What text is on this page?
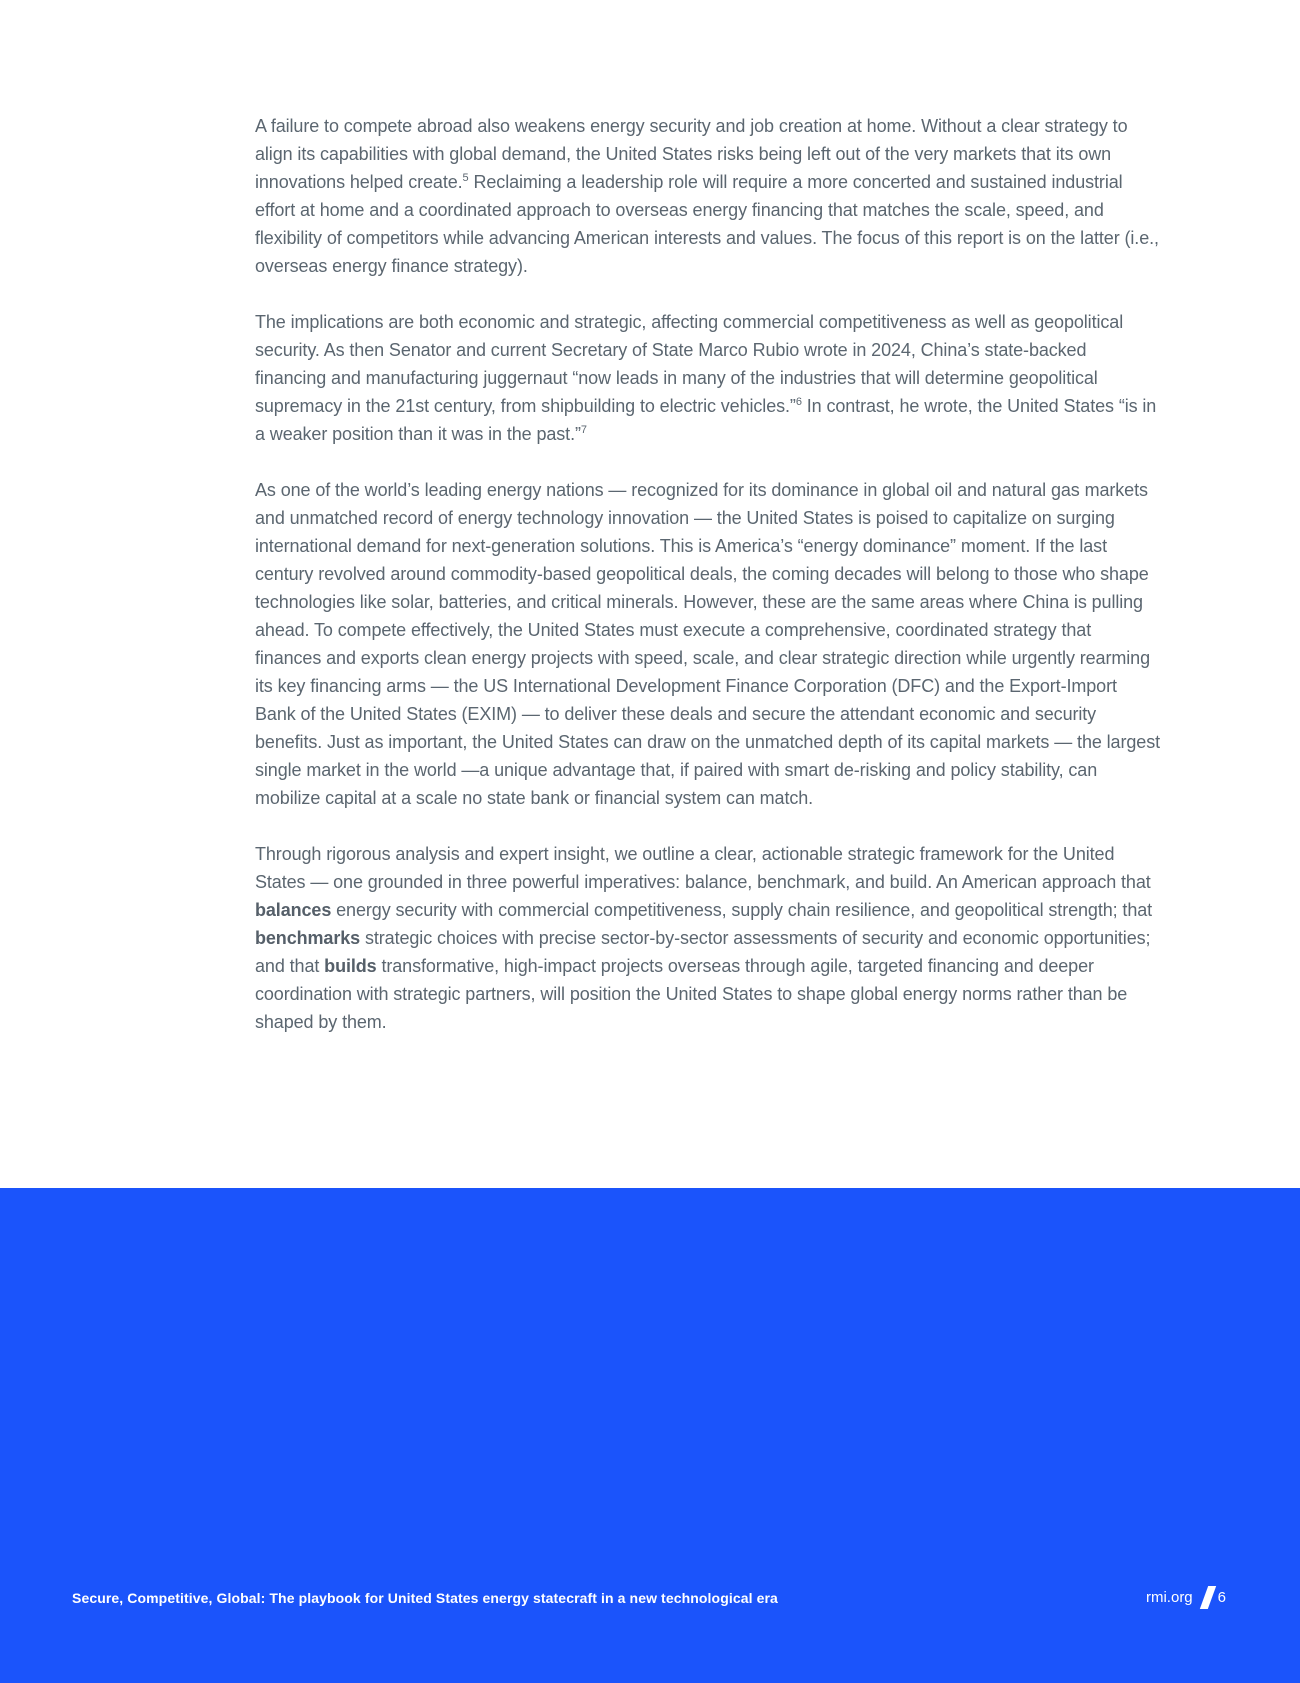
A failure to compete abroad also weakens energy security and job creation at home. Without a clear strategy to align its capabilities with global demand, the United States risks being left out of the very markets that its own innovations helped create.$^5$ Reclaiming a leadership role will require a more concerted and sustained industrial effort at home and a coordinated approach to overseas energy financing that matches the scale, speed, and flexibility of competitors while advancing American interests and values. The focus of this report is on the latter (i.e., overseas energy finance strategy).

The implications are both economic and strategic, affecting commercial competitiveness as well as geopolitical security. As then Senator and current Secretary of State Marco Rubio wrote in 2024, China’s state-backed financing and manufacturing juggernaut “now leads in many of the industries that will determine geopolitical supremacy in the 21st century, from shipbuilding to electric vehicles.”$^6$ In contrast, he wrote, the United States “is in a weaker position than it was in the past.”$^7$

As one of the world’s leading energy nations — recognized for its dominance in global oil and natural gas markets and unmatched record of energy technology innovation — the United States is poised to capitalize on surging international demand for next-generation solutions. This is America’s “energy dominance” moment. If the last century revolved around commodity-based geopolitical deals, the coming decades will belong to those who shape technologies like solar, batteries, and critical minerals. However, these are the same areas where China is pulling ahead. To compete effectively, the United States must execute a comprehensive, coordinated strategy that finances and exports clean energy projects with speed, scale, and clear strategic direction while urgently rearming its key financing arms — the US International Development Finance Corporation (DFC) and the Export-Import Bank of the United States (EXIM) — to deliver these deals and secure the attendant economic and security benefits. Just as important, the United States can draw on the unmatched depth of its capital markets — the largest single market in the world —a unique advantage that, if paired with smart de-risking and policy stability, can mobilize capital at a scale no state bank or financial system can match.

Through rigorous analysis and expert insight, we outline a clear, actionable strategic framework for the United States — one grounded in three powerful imperatives: balance, benchmark, and build. An American approach that balances energy security with commercial competitiveness, supply chain resilience, and geopolitical strength; that benchmarks strategic choices with precise sector-by-sector assessments of security and economic opportunities; and that builds transformative, high-impact projects overseas through agile, targeted financing and deeper coordination with strategic partners, will position the United States to shape global energy norms rather than be shaped by them.

Secure, Competitive, Global: The playbook for United States energy statecraft in a new technological era	rmi.org 6
